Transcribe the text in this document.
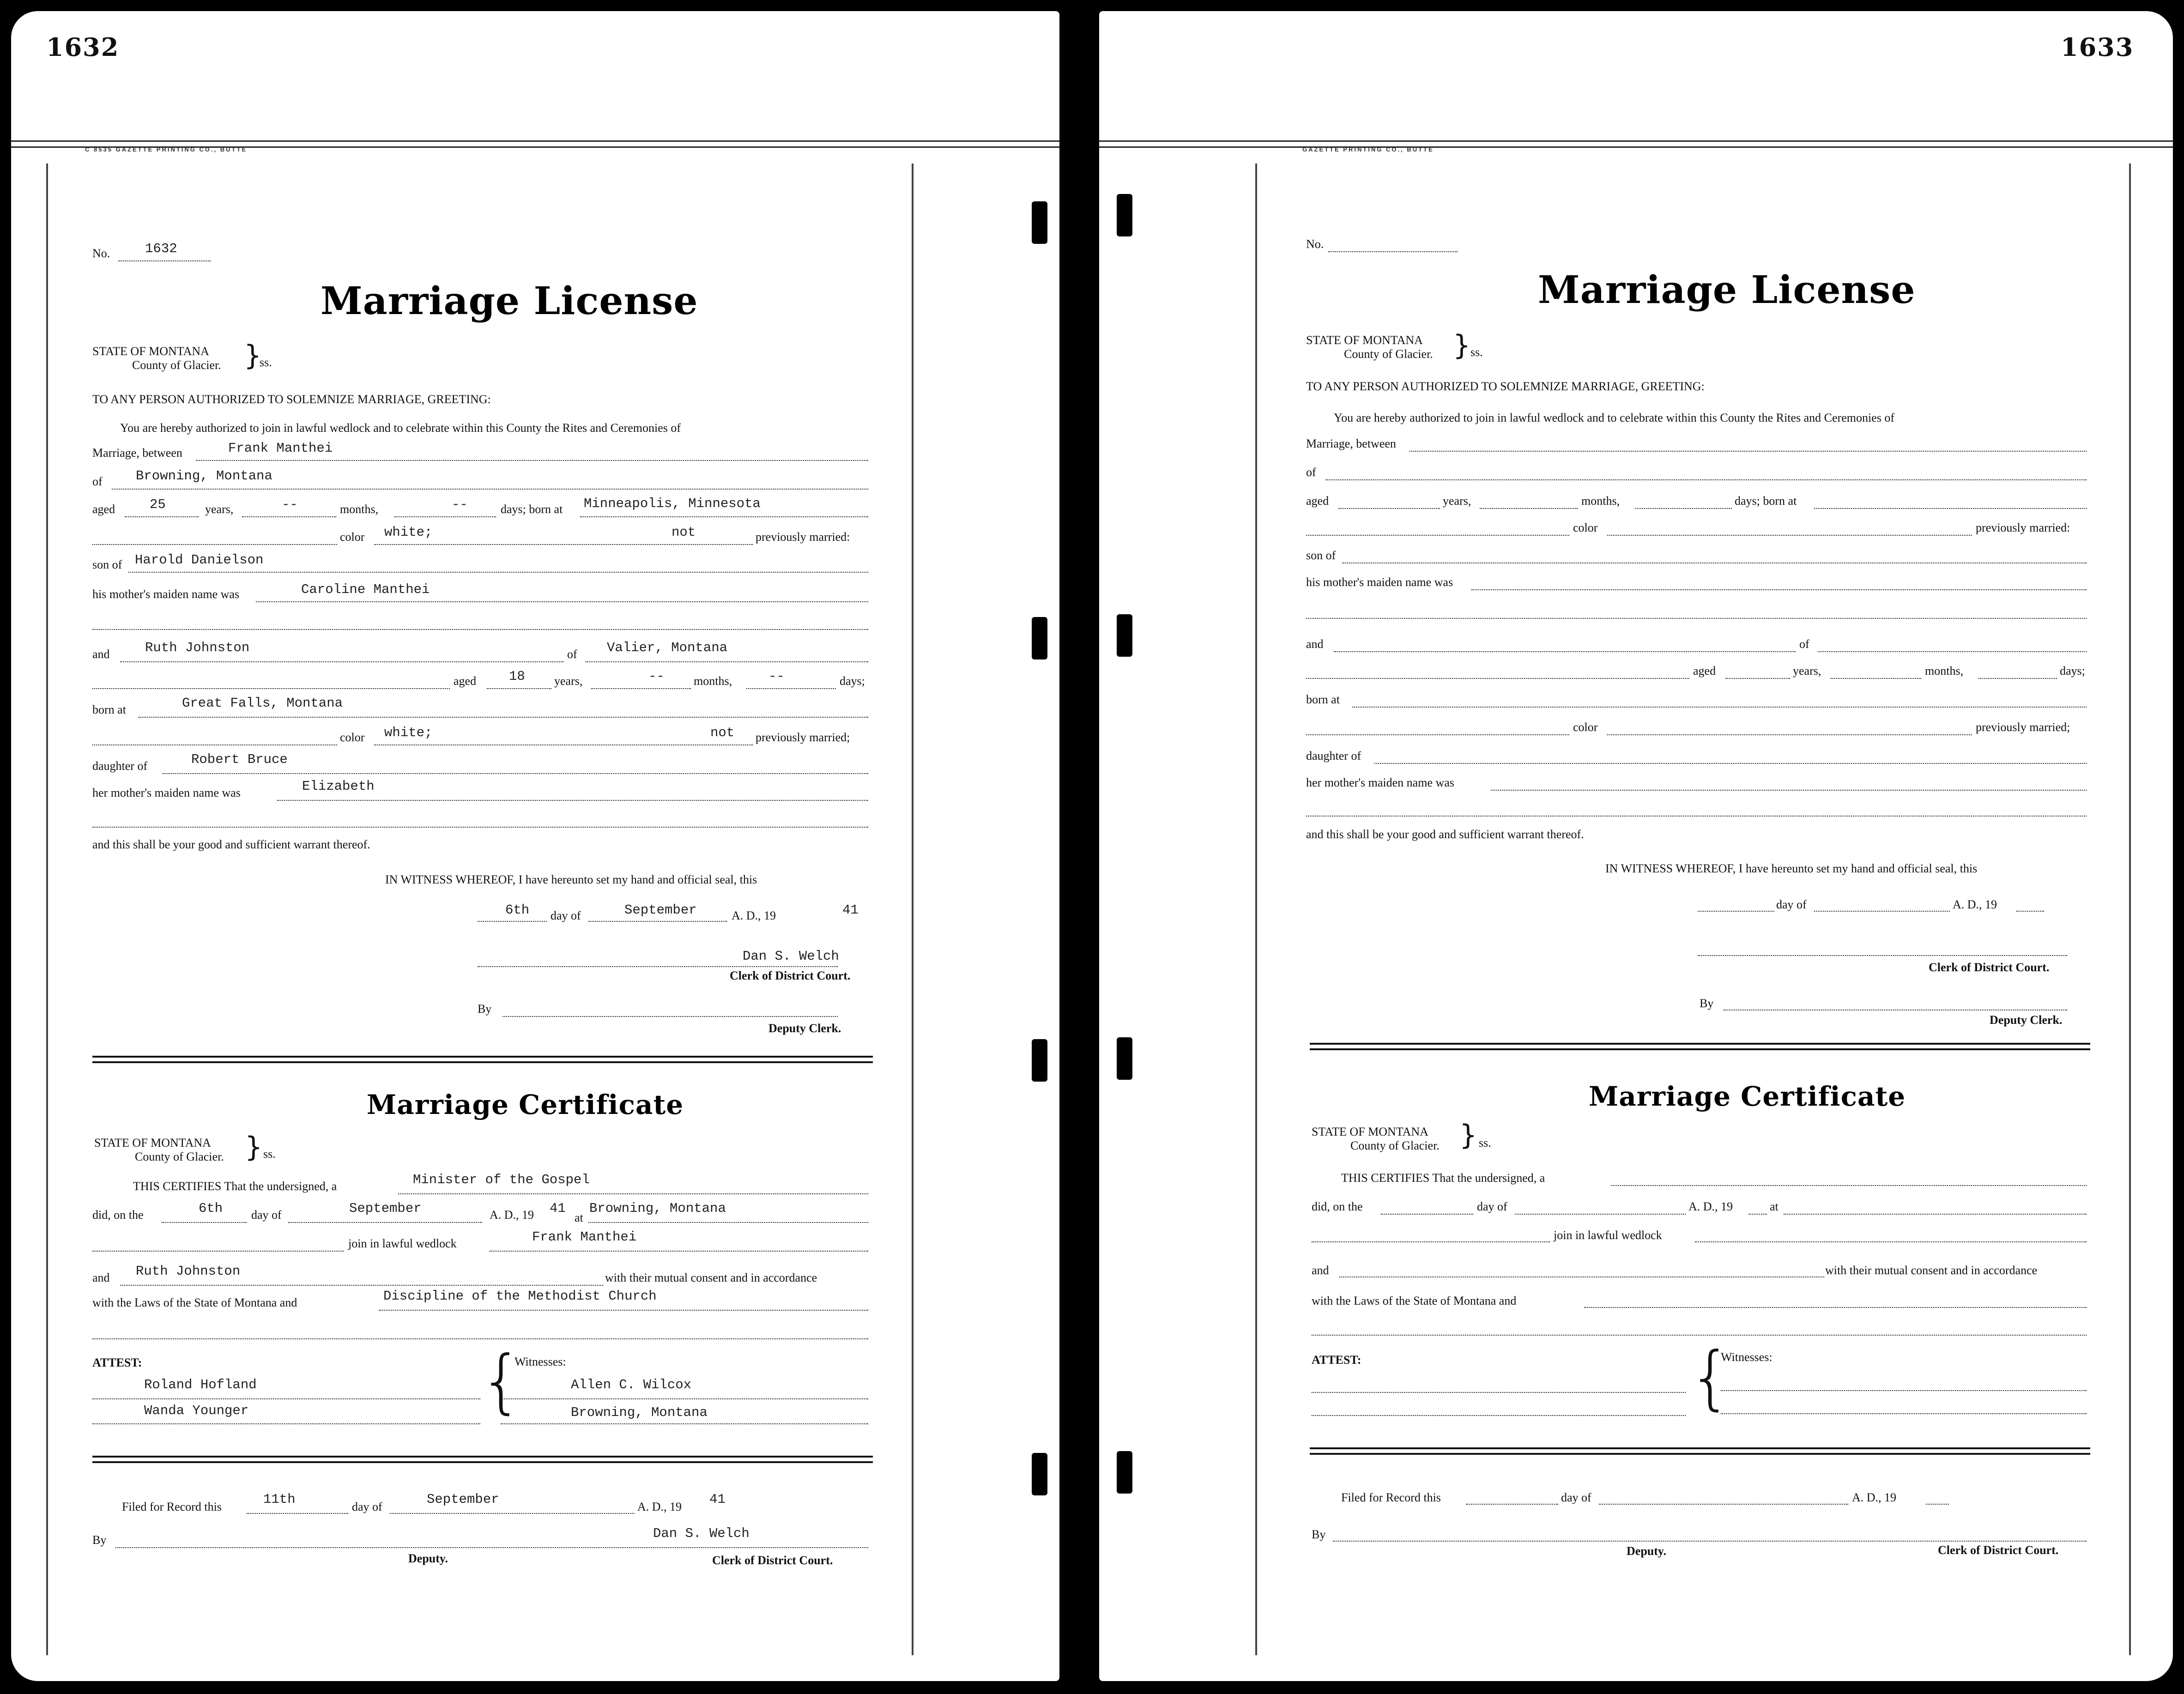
1632
C 8535 GAZETTE PRINTING CO., BUTTE
No.	1632
Marriage License
STATE OF MONTANA
County of Glacier. }
ss.
TO ANY PERSON AUTHORIZED TO SOLEMNIZE MARRIAGE, GREETING:
You are hereby authorized to join in lawful wedlock and to celebrate within this County the Rites and Ceremonies of
Marriage, between	Frank Manthei
of Browning, Montana
aged	25	years,	--	months,	--	days; born at Minneapolis, Minnesota
color white;	not	previously married:
son of Harold Danielson
his mother's maiden name was	Caroline Manthei
and	Ruth Johnston	of Valier, Montana
aged 18 years,	-- months,	--	days;
born at	Great Falls, Montana
color white;	not previously married;
daughter of	Robert Bruce
her mother's maiden name was	Elizabeth
and this shall be your good and sufficient warrant thereof.
IN WITNESS WHEREOF, I have hereunto set my hand and official seal, this
6th day of	September	A. D., 19	41
Dan S. Welch
Clerk of District Court.
By
Deputy Clerk.
Marriage Certificate
STATE OF MONTANA
County of Glacier. } ss.
THIS CERTIFIES That the undersigned, a	Minister of the Gospel
did, on the	6th day of	September	A. D., 19 41
at
Browning, Montana
join in lawful wedlock	Frank Manthei
and Ruth Johnston	with their mutual consent and in accordance
with the Laws of the State of Montana and	Discipline of the Methodist Church
ATTEST:	Witnesses:
{
Roland Hofland	Allen C. Wilcox
Wanda Younger	Browning, Montana
Filed for Record this	11th	day of	September	A. D., 19 41
By	Dan S. Welch
Deputy.	Clerk of District Court.
1633
GAZETTE PRINTING CO., BUTTE
No.
Marriage License
STATE OF MONTANA
County of Glacier. } ss.
TO ANY PERSON AUTHORIZED TO SOLEMNIZE MARRIAGE, GREETING:
You are hereby authorized to join in lawful wedlock and to celebrate within this County the Rites and Ceremonies of
Marriage, between
of
aged	years,	months,	days; born at
color	previously married:
son of
his mother's maiden name was
and	of
aged	years,	months,	days;
born at
color	previously married;
daughter of
her mother's maiden name was
and this shall be your good and sufficient warrant thereof.
IN WITNESS WHEREOF, I have hereunto set my hand and official seal, this
day of	A. D., 19
Clerk of District Court.
By
Deputy Clerk.
Marriage Certificate
STATE OF MONTANA
County of Glacier. } ss.
THIS CERTIFIES That the undersigned, a
did, on the	day of	A. D., 19	at
join in lawful wedlock
and	with their mutual consent and in accordance
with the Laws of the State of Montana and
ATTEST:	Witnesses:
{
Filed for Record this	day of	A. D., 19
By
Deputy.	Clerk of District Court.
